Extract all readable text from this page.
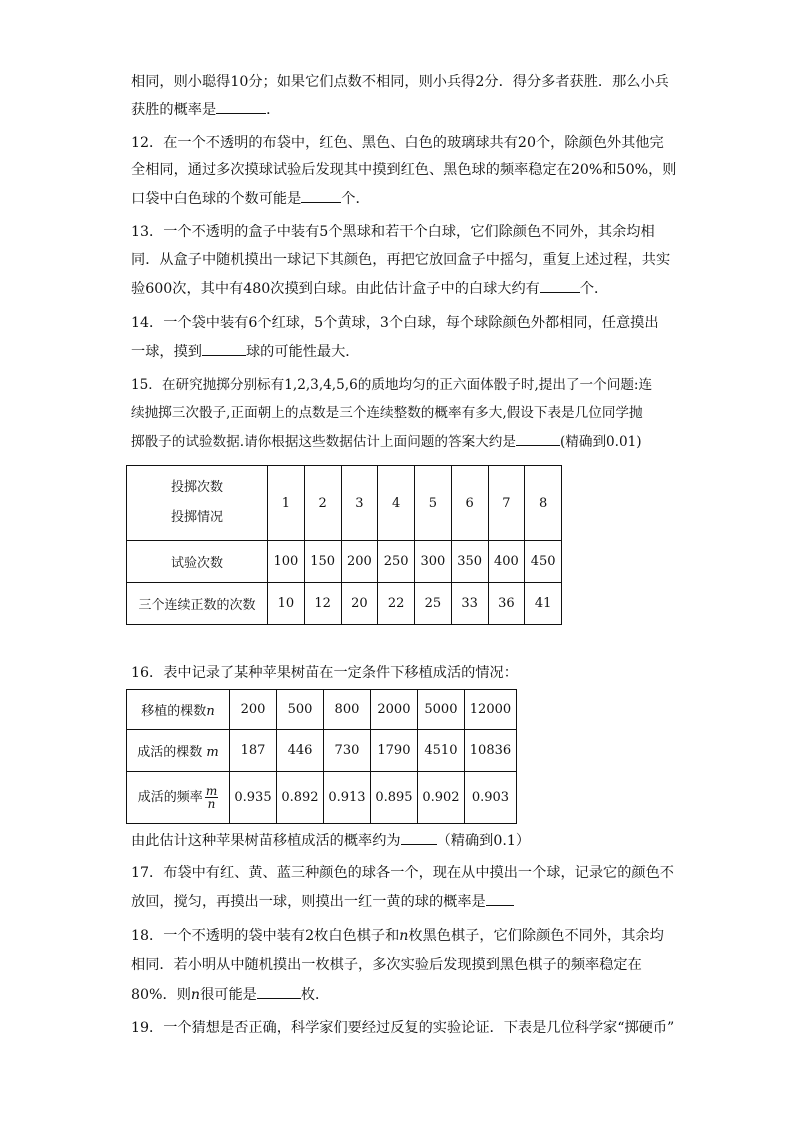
相同，则小聪得10分；如果它们点数不相同，则小兵得2分．得分多者获胜．那么小兵
获胜的概率是	．
12．在一个不透明的布袋中，红色、黑色、白色的玻璃球共有20个，除颜色外其他完
全相同，通过多次摸球试验后发现其中摸到红色、黑色球的频率稳定在20%和50%，则
口袋中白色球的个数可能是	个．
13．一个不透明的盒子中装有5个黑球和若干个白球，它们除颜色不同外，其余均相
同．从盒子中随机摸出一球记下其颜色，再把它放回盒子中摇匀，重复上述过程，共实
验600次，其中有480次摸到白球。由此估计盒子中的白球大约有	个．
14．一个袋中装有6个红球，5个黄球，3个白球，每个球除颜色外都相同，任意摸出
一球，摸到	球的可能性最大．
15．在研究抛掷分别标有1,2,3,4,5,6的质地均匀的正六面体骰子时,提出了一个问题:连
续抛掷三次骰子,正面朝上的点数是三个连续整数的概率有多大,假设下表是几位同学抛
掷骰子的试验数据.请你根据这些数据估计上面问题的答案大约是	(精确到0.01)
投掷次数
投掷情况	1	2	3	4	5	6	7	8
试验次数	100	150	200	250	300	350	400	450
三个连续正数的次数	10	12	20	22	25	33	36	41
16．表中记录了某种苹果树苗在一定条件下移植成活的情况：
移植的棵数n	200	500	800	2000	5000	12000
成活的棵数 m	187	446	730	1790	4510	10836
成活的频率 $\frac{m}{n}$	0.935	0.892	0.913	0.895	0.902	0.903
由此估计这种苹果树苗移植成活的概率约为	（精确到0.1）
17．布袋中有红、黄、蓝三种颜色的球各一个，现在从中摸出一个球，记录它的颜色不
放回，搅匀，再摸出一球，则摸出一红一黄的球的概率是
18．一个不透明的袋中装有2枚白色棋子和n枚黑色棋子，它们除颜色不同外，其余均
相同．若小明从中随机摸出一枚棋子，多次实验后发现摸到黑色棋子的频率稳定在
80%．则n很可能是	枚．
19．一个猜想是否正确，科学家们要经过反复的实验论证．下表是几位科学家“掷硬币”
